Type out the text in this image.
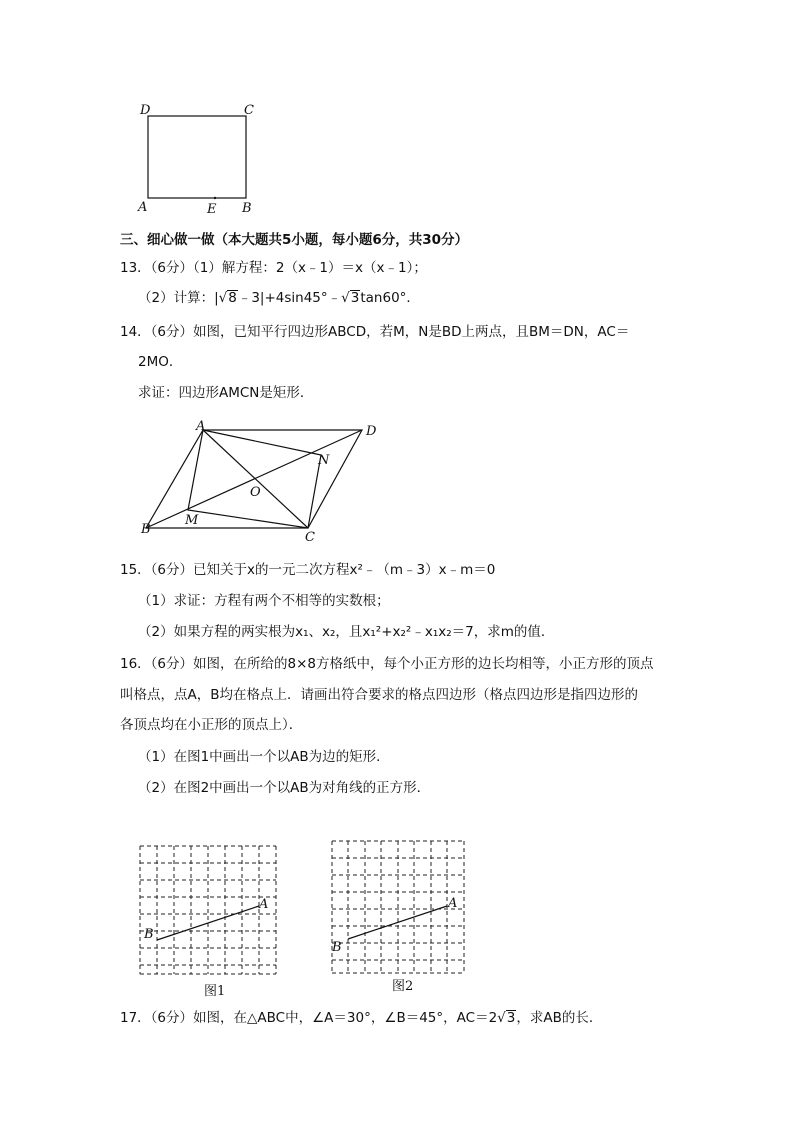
D	C
A	E B
三、细心做一做（本大题共5小题，每小题6分，共30分）
13．（6分）（1）解方程：2（x﹣1）＝x（x﹣1）；
（2）计算：|√8﹣3|+4sin45°﹣√3tan60°．
14．（6分）如图，已知平行四边形ABCD，若M，N是BD上两点，且BM＝DN，AC＝
2MO．
求证：四边形AMCN是矩形．
A	D
N
O
M
B
C
15．（6分）已知关于x的一元二次方程x²﹣（m﹣3）x﹣m＝0
（1）求证：方程有两个不相等的实数根；
（2）如果方程的两实根为x₁、x₂，且x₁²+x₂²﹣x₁x₂＝7，求m的值．
16．（6分）如图，在所给的8×8方格纸中，每个小正方形的边长均相等，小正方形的顶点
叫格点，点A，B均在格点上．请画出符合要求的格点四边形（格点四边形是指四边形的
各顶点均在小正形的顶点上）．
（1）在图1中画出一个以AB为边的矩形．
（2）在图2中画出一个以AB为对角线的正方形．
A
B
图1
A
B
图2
17．（6分）如图，在△ABC中，∠A＝30°，∠B＝45°，AC＝2√3，求AB的长．
